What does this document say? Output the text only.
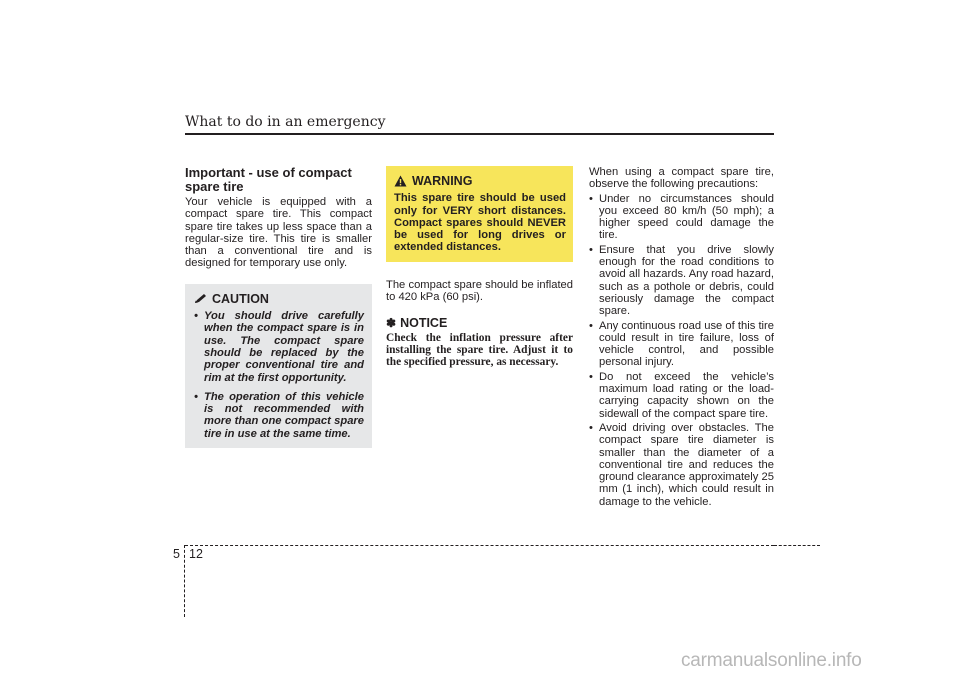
What to do in an emergency
Important - use of compact spare tire

Your vehicle is equipped with a compact spare tire. This compact spare tire takes up less space than a regular-size tire. This tire is smaller than a conventional tire and is designed for temporary use only.

CAUTION
• You should drive carefully when the compact spare is in use. The compact spare should be replaced by the proper conventional tire and rim at the first opportunity.
• The operation of this vehicle is not recommended with more than one compact spare tire in use at the same time.
WARNING

This spare tire should be used only for VERY short distances. Compact spares should NEVER be used for long drives or extended distances.

The compact spare should be inflated to 420 kPa (60 psi).

✽ NOTICE
Check the inflation pressure after installing the spare tire. Adjust it to the specified pressure, as necessary.

When using a compact spare tire, observe the following precautions:

• Under no circumstances should you exceed 80 km/h (50 mph); a higher speed could damage the tire.
• Ensure that you drive slowly enough for the road conditions to avoid all hazards. Any road hazard, such as a pothole or debris, could seriously damage the compact spare.
• Any continuous road use of this tire could result in tire failure, loss of vehicle control, and possible personal injury.
• Do not exceed the vehicle’s maximum load rating or the load-carrying capacity shown on the sidewall of the compact spare tire.
• Avoid driving over obstacles. The compact spare tire diameter is smaller than the diameter of a conventional tire and reduces the ground clearance approximately 25 mm (1 inch), which could result in damage to the vehicle.
5 12
carmanualsonline.info
